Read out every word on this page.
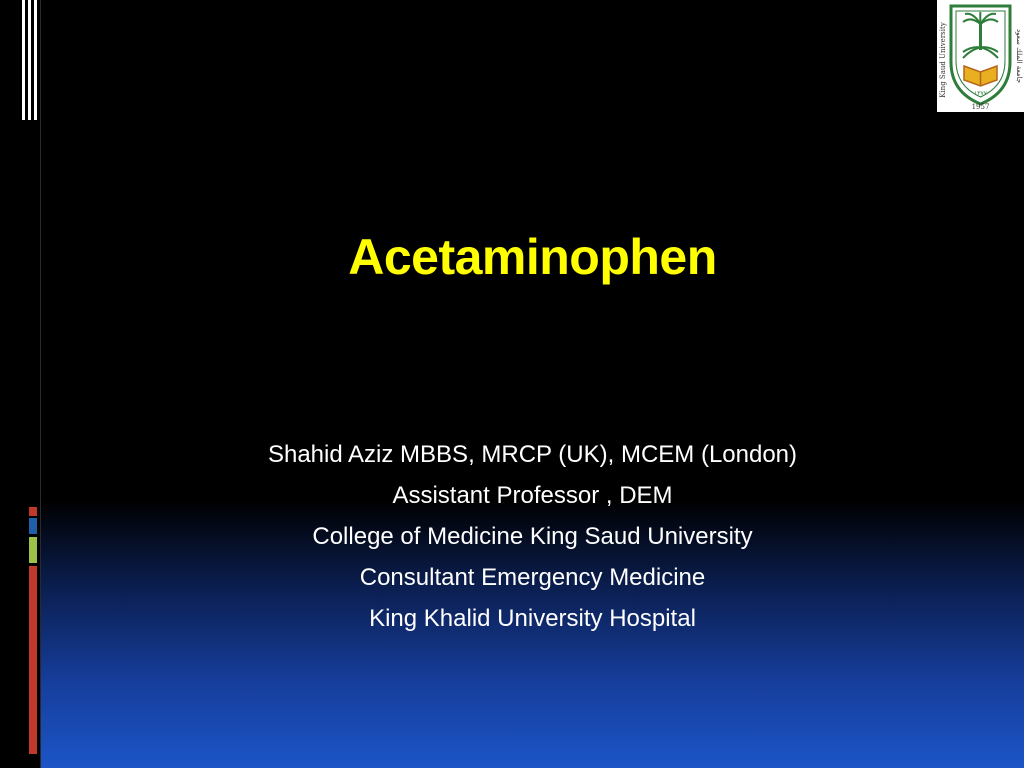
١٣٧٧
1957
King Saud University	جامعة الملك سعود
Acetaminophen
Shahid Aziz MBBS, MRCP (UK), MCEM (London)
Assistant Professor , DEM
College of Medicine King Saud University
Consultant Emergency Medicine
King Khalid University Hospital
